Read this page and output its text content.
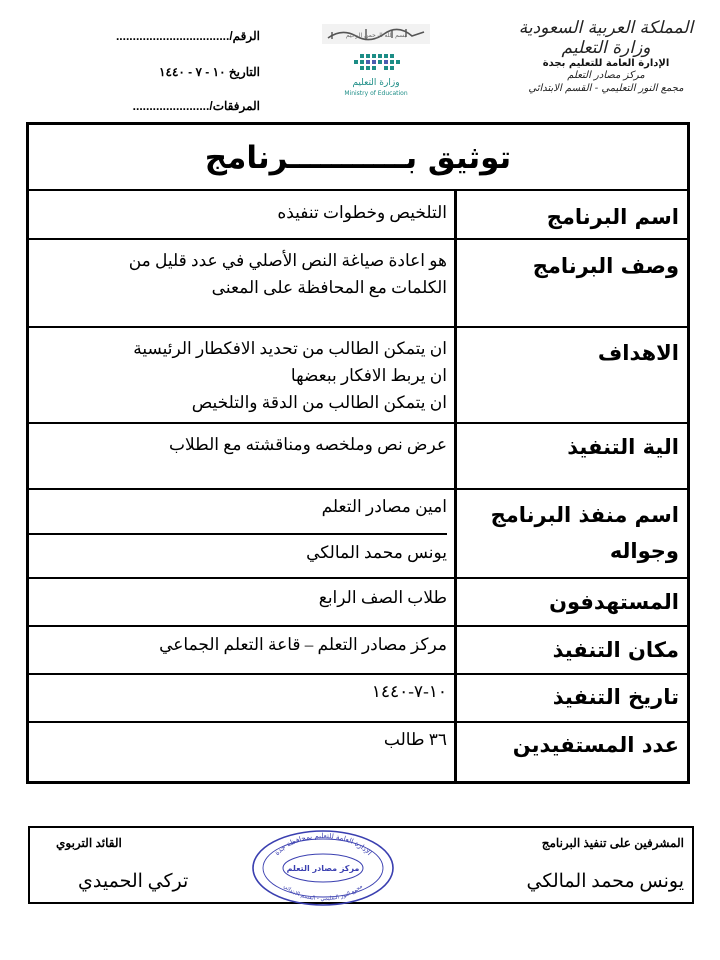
المملكة العربية السعودية
وزارة التعليم
الإدارة العامة للتعليم بجدة
مركز مصادر التعلم
مجمع النور التعليمي - القسم الابتدائي
بسم الله الرحمن الرحيم
وزارة التعليم
Ministry of Education
الرقم/..................................
التاريخ ١٠ - ٧ - ١٤٤٠
المرفقات/.......................
توثيق بـــــــــــرنامج
اسم البرنامج
التلخيص وخطوات تنفيذه
وصف البرنامج
هو اعادة صياغة النص الأصلي في عدد قليل من
الكلمات مع المحافظة على المعنى
الاهداف
ان يتمكن الطالب من تحديد الافكطار الرئيسية
ان يربط الافكار ببعضها
ان يتمكن الطالب من الدقة والتلخيص
الية التنفيذ
عرض نص وملخصه ومناقشته مع الطلاب
اسم منفذ البرنامج وجواله
امين مصادر التعلم
يونس محمد المالكي
المستهدفون
طلاب الصف الرابع
مكان التنفيذ
مركز مصادر التعلم – قاعة التعلم الجماعي
تاريخ التنفيذ
١٠-٧-١٤٤٠
عدد المستفيدين
٣٦ طالب
المشرفين على تنفيذ البرنامج
يونس محمد المالكي
القائد التربوي
تركي الحميدي
الإدارة العامة للتعليم بمحافظة جدة
مركز مصادر التعلم
مجمع النور التعليمي - القسم الابتدائي
